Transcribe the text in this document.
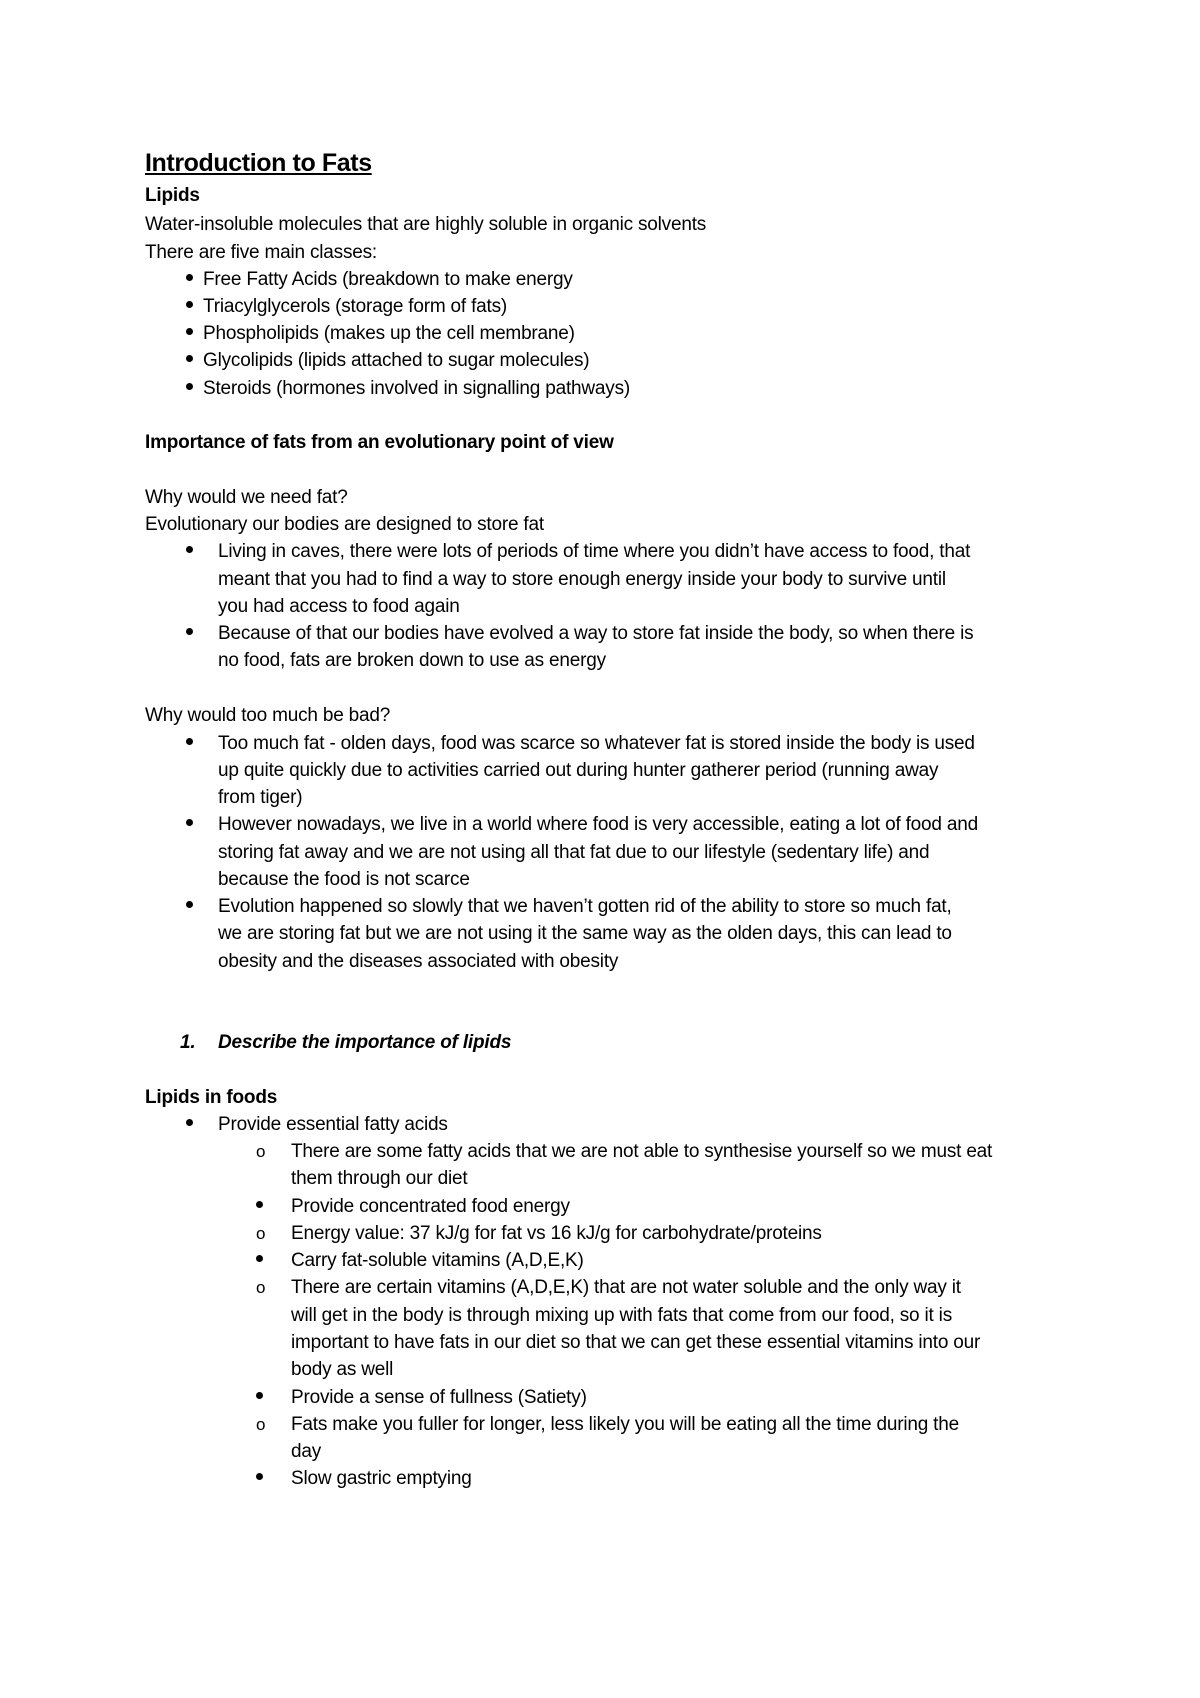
Introduction to Fats
Lipids
Water-insoluble molecules that are highly soluble in organic solvents
There are five main classes:
Free Fatty Acids (breakdown to make energy
Triacylglycerols (storage form of fats)
Phospholipids (makes up the cell membrane)
Glycolipids (lipids attached to sugar molecules)
Steroids (hormones involved in signalling pathways)
Importance of fats from an evolutionary point of view
Why would we need fat?
Evolutionary our bodies are designed to store fat
Living in caves, there were lots of periods of time where you didn’t have access to food, that
meant that you had to find a way to store enough energy inside your body to survive until
you had access to food again
Because of that our bodies have evolved a way to store fat inside the body, so when there is
no food, fats are broken down to use as energy
Why would too much be bad?
Too much fat - olden days, food was scarce so whatever fat is stored inside the body is used
up quite quickly due to activities carried out during hunter gatherer period (running away
from tiger)
However nowadays, we live in a world where food is very accessible, eating a lot of food and
storing fat away and we are not using all that fat due to our lifestyle (sedentary life) and
because the food is not scarce
Evolution happened so slowly that we haven’t gotten rid of the ability to store so much fat,
we are storing fat but we are not using it the same way as the olden days, this can lead to
obesity and the diseases associated with obesity
1. Describe the importance of lipids
Lipids in foods
Provide essential fatty acids
o There are some fatty acids that we are not able to synthesise yourself so we must eat
them through our diet
Provide concentrated food energy
o Energy value: 37 kJ/g for fat vs 16 kJ/g for carbohydrate/proteins
Carry fat-soluble vitamins (A,D,E,K)
o There are certain vitamins (A,D,E,K) that are not water soluble and the only way it
will get in the body is through mixing up with fats that come from our food, so it is
important to have fats in our diet so that we can get these essential vitamins into our
body as well
Provide a sense of fullness (Satiety)
o Fats make you fuller for longer, less likely you will be eating all the time during the
day
Slow gastric emptying
